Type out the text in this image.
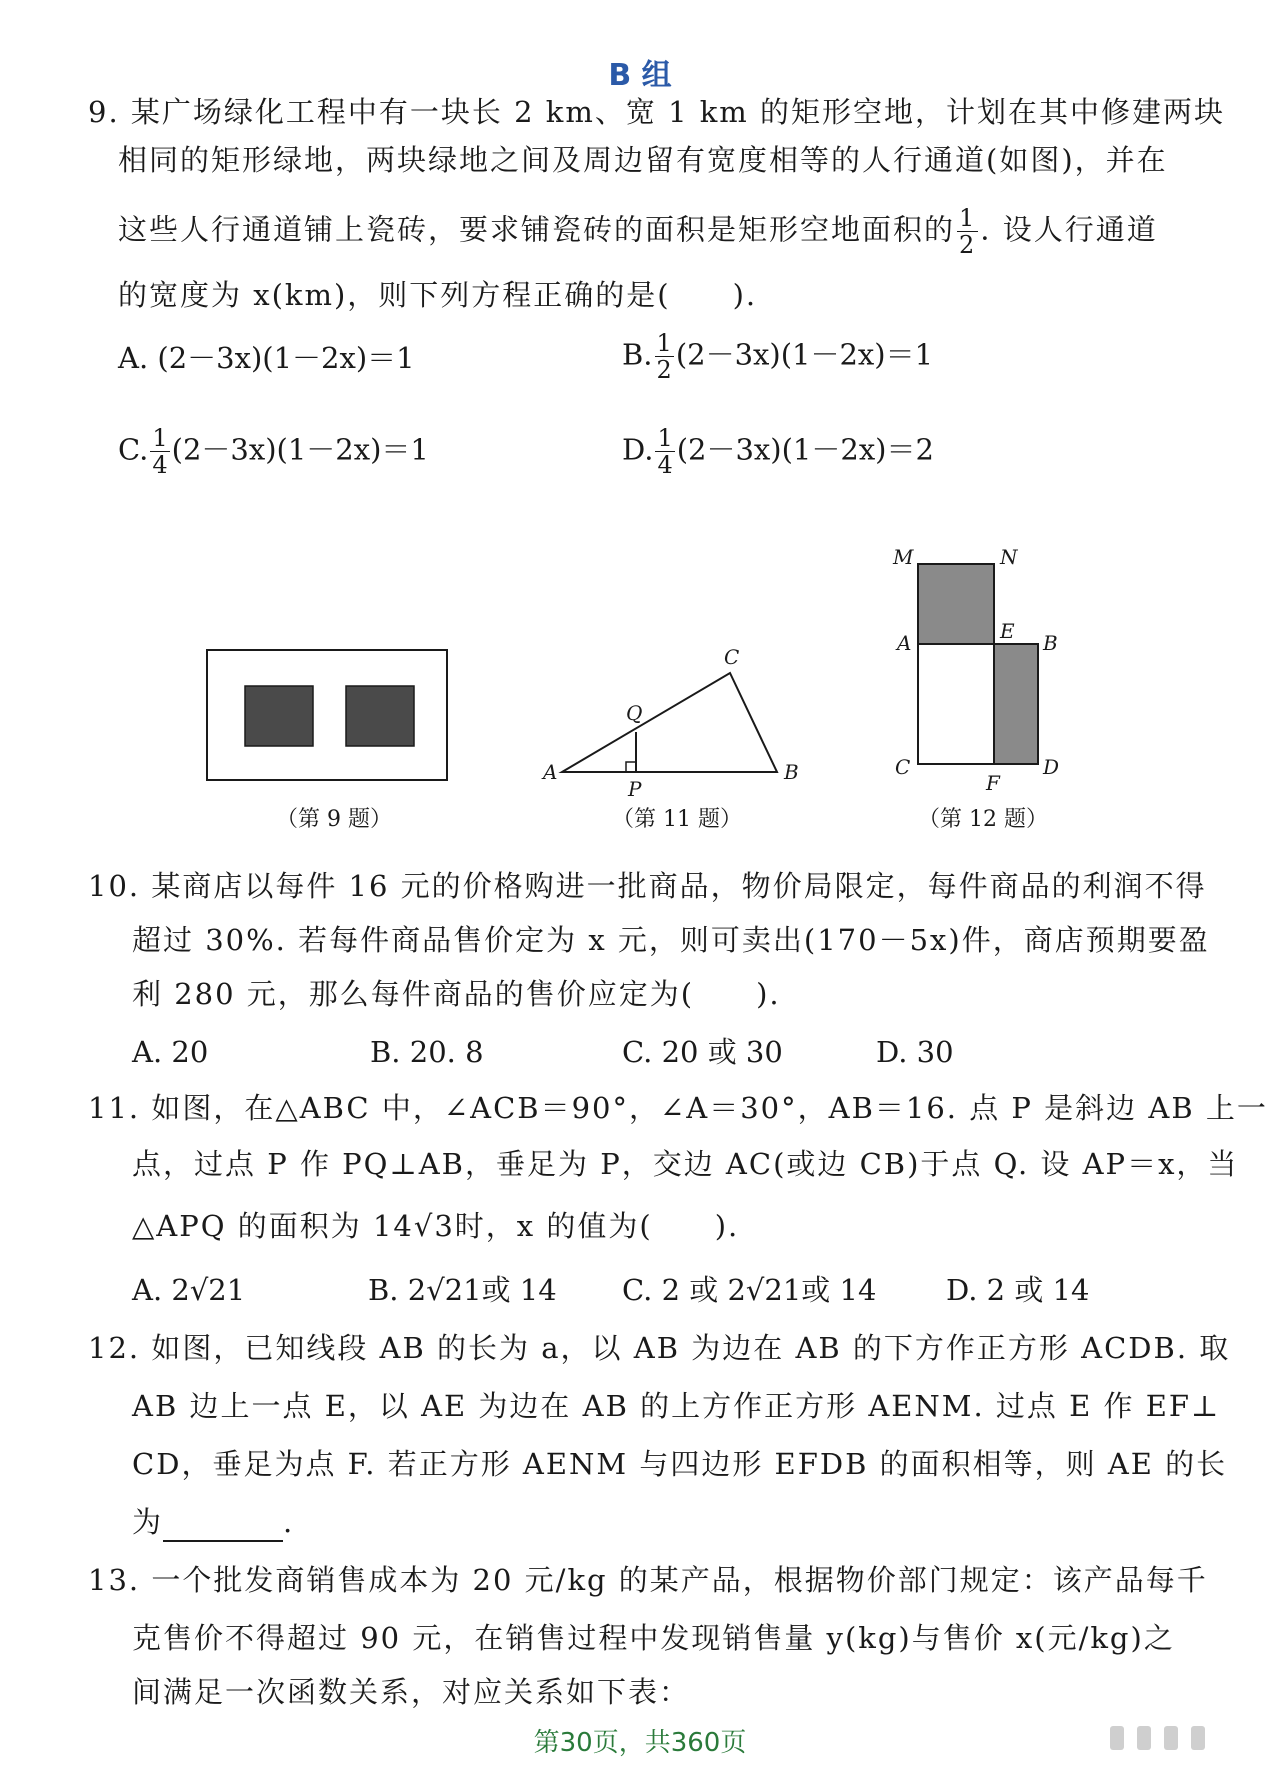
B 组
9. 某广场绿化工程中有一块长 2 km、宽 1 km 的矩形空地，计划在其中修建两块
相同的矩形绿地，两块绿地之间及周边留有宽度相等的人行通道(如图)，并在
这些人行通道铺上瓷砖，要求铺瓷砖的面积是矩形空地面积的 $\frac{1}{2}$ . 设人行通道
的宽度为 x(km)，则下列方程正确的是(　　).
A. (2－3x)(1－2x)＝1	B. $\frac{1}{2} (2-3x)(1-2x)=1$
C. $\frac{1}{4} (2-3x)(1-2x)=1$	D. $\frac{1}{4} (2-3x)(1-2x)=2$
A	B
C
P
Q
M	N
A	E B
C
F
D
（第 9 题）	（第 11 题）	（第 12 题）
10. 某商店以每件 16 元的价格购进一批商品，物价局限定，每件商品的利润不得
超过 30%. 若每件商品售价定为 x 元，则可卖出(170－5x)件，商店预期要盈
利 280 元，那么每件商品的售价应定为(　　).
A. 20	B. 20. 8	C. 20 或 30	D. 30
11. 如图，在△ABC 中，∠ACB＝90°，∠A＝30°，AB＝16. 点 P 是斜边 AB 上一
点，过点 P 作 PQ⊥AB，垂足为 P，交边 AC(或边 CB)于点 Q. 设 AP＝x，当
△APQ 的面积为 14√3时，x 的值为(　　).
A. 2√21	B. 2√21或 14 C. 2 或 2√21或 14 D. 2 或 14
12. 如图，已知线段 AB 的长为 a，以 AB 为边在 AB 的下方作正方形 ACDB. 取
AB 边上一点 E，以 AE 为边在 AB 的上方作正方形 AENM. 过点 E 作 EF⊥
CD，垂足为点 F. 若正方形 AENM 与四边形 EFDB 的面积相等，则 AE 的长
为	.
13. 一个批发商销售成本为 20 元/kg 的某产品，根据物价部门规定：该产品每千
克售价不得超过 90 元，在销售过程中发现销售量 y(kg)与售价 x(元/kg)之
间满足一次函数关系，对应关系如下表：
第30页，共360页
